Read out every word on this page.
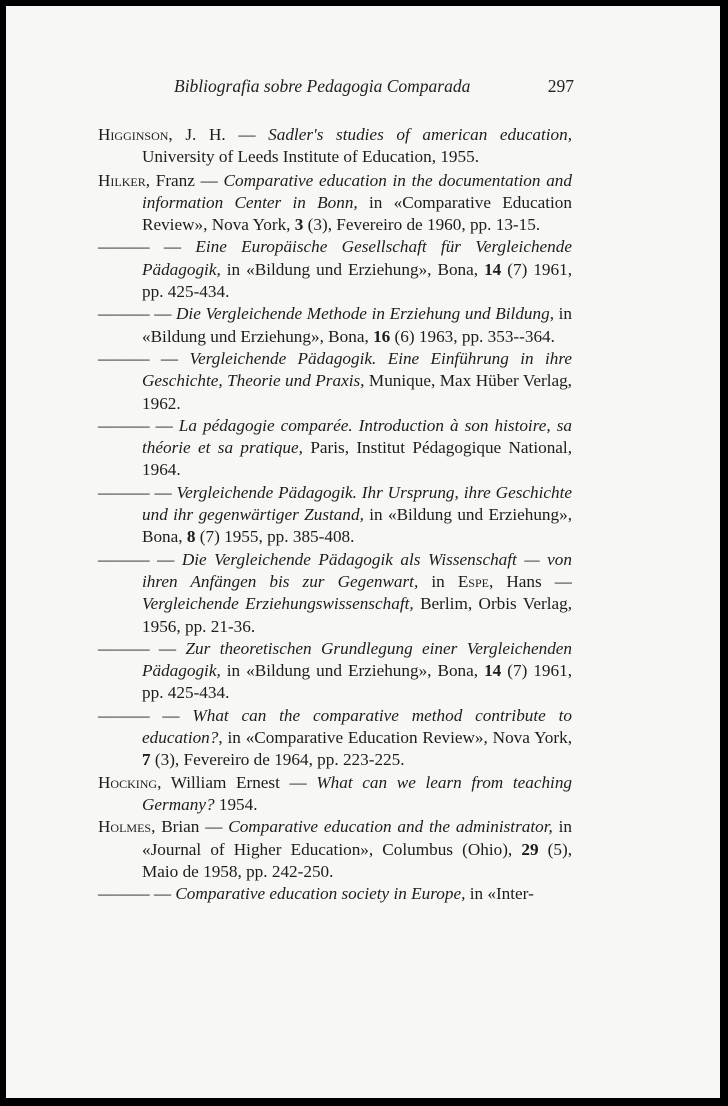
Bibliografia sobre Pedagogia Comparada	297

Higginson, J. H. — Sadler's studies of american education, University of Leeds Institute of Education, 1955.

Hilker, Franz — Comparative education in the documentation and information Center in Bonn, in «Comparative Education Review», Nova York, 3 (3), Fevereiro de 1960, pp. 13-15.

——— — Eine Europäische Gesellschaft für Vergleichende Pädagogik, in «Bildung und Erziehung», Bona, 14 (7) 1961, pp. 425-434.

——— — Die Vergleichende Methode in Erziehung und Bildung, in «Bildung und Erziehung», Bona, 16 (6) 1963, pp. 353--364.

——— — Vergleichende Pädagogik. Eine Einführung in ihre Geschichte, Theorie und Praxis, Munique, Max Hüber Verlag, 1962.

——— — La pédagogie comparée. Introduction à son histoire, sa théorie et sa pratique, Paris, Institut Pédagogique National, 1964.

——— — Vergleichende Pädagogik. Ihr Ursprung, ihre Geschichte und ihr gegenwärtiger Zustand, in «Bildung und Erziehung», Bona, 8 (7) 1955, pp. 385-408.

——— — Die Vergleichende Pädagogik als Wissenschaft — von ihren Anfängen bis zur Gegenwart, in Espe, Hans — Vergleichende Erziehungswissenschaft, Berlim, Orbis Verlag, 1956, pp. 21-36.

——— — Zur theoretischen Grundlegung einer Vergleichenden Pädagogik, in «Bildung und Erziehung», Bona, 14 (7) 1961, pp. 425-434.

——— — What can the comparative method contribute to education?, in «Comparative Education Review», Nova York, 7 (3), Fevereiro de 1964, pp. 223-225.

Hocking, William Ernest — What can we learn from teaching Germany? 1954.

Holmes, Brian — Comparative education and the administrator, in «Journal of Higher Education», Columbus (Ohio), 29 (5), Maio de 1958, pp. 242-250.

——— — Comparative education society in Europe, in «Inter-
